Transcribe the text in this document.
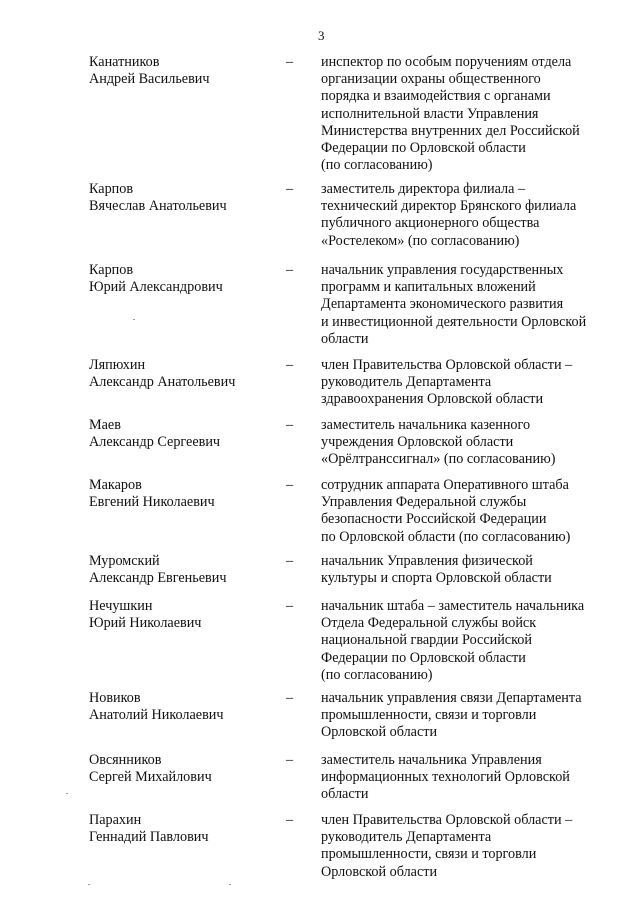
3
Канатников
Андрей Васильевич
– инспектор по особым поручениям отдела
организации охраны общественного
порядка и взаимодействия с органами
исполнительной власти Управления
Министерства внутренних дел Российской
Федерации по Орловской области
(по согласованию)
Карпов
Вячеслав Анатольевич
– заместитель директора филиала –
технический директор Брянского филиала
публичного акционерного общества
«Ростелеком» (по согласованию)
Карпов
Юрий Александрович
– начальник управления государственных
программ и капитальных вложений
Департамента экономического развития
и инвестиционной деятельности Орловской
области
Ляпюхин
Александр Анатольевич
– член Правительства Орловской области –
руководитель Департамента
здравоохранения Орловской области
Маев
Александр Сергеевич
– заместитель начальника казенного
учреждения Орловской области
«Орёлтранссигнал» (по согласованию)
Макаров
Евгений Николаевич
– сотрудник аппарата Оперативного штаба
Управления Федеральной службы
безопасности Российской Федерации
по Орловской области (по согласованию)
Муромский
Александр Евгеньевич
– начальник Управления физической
культуры и спорта Орловской области
Нечушкин
Юрий Николаевич
– начальник штаба – заместитель начальника
Отдела Федеральной службы войск
национальной гвардии Российской
Федерации по Орловской области
(по согласованию)
Новиков
Анатолий Николаевич
– начальник управления связи Департамента
промышленности, связи и торговли
Орловской области
Овсянников
Сергей Михайлович
– заместитель начальника Управления
информационных технологий Орловской
области
Парахин
Геннадий Павлович
– член Правительства Орловской области –
руководитель Департамента
промышленности, связи и торговли
Орловской области
